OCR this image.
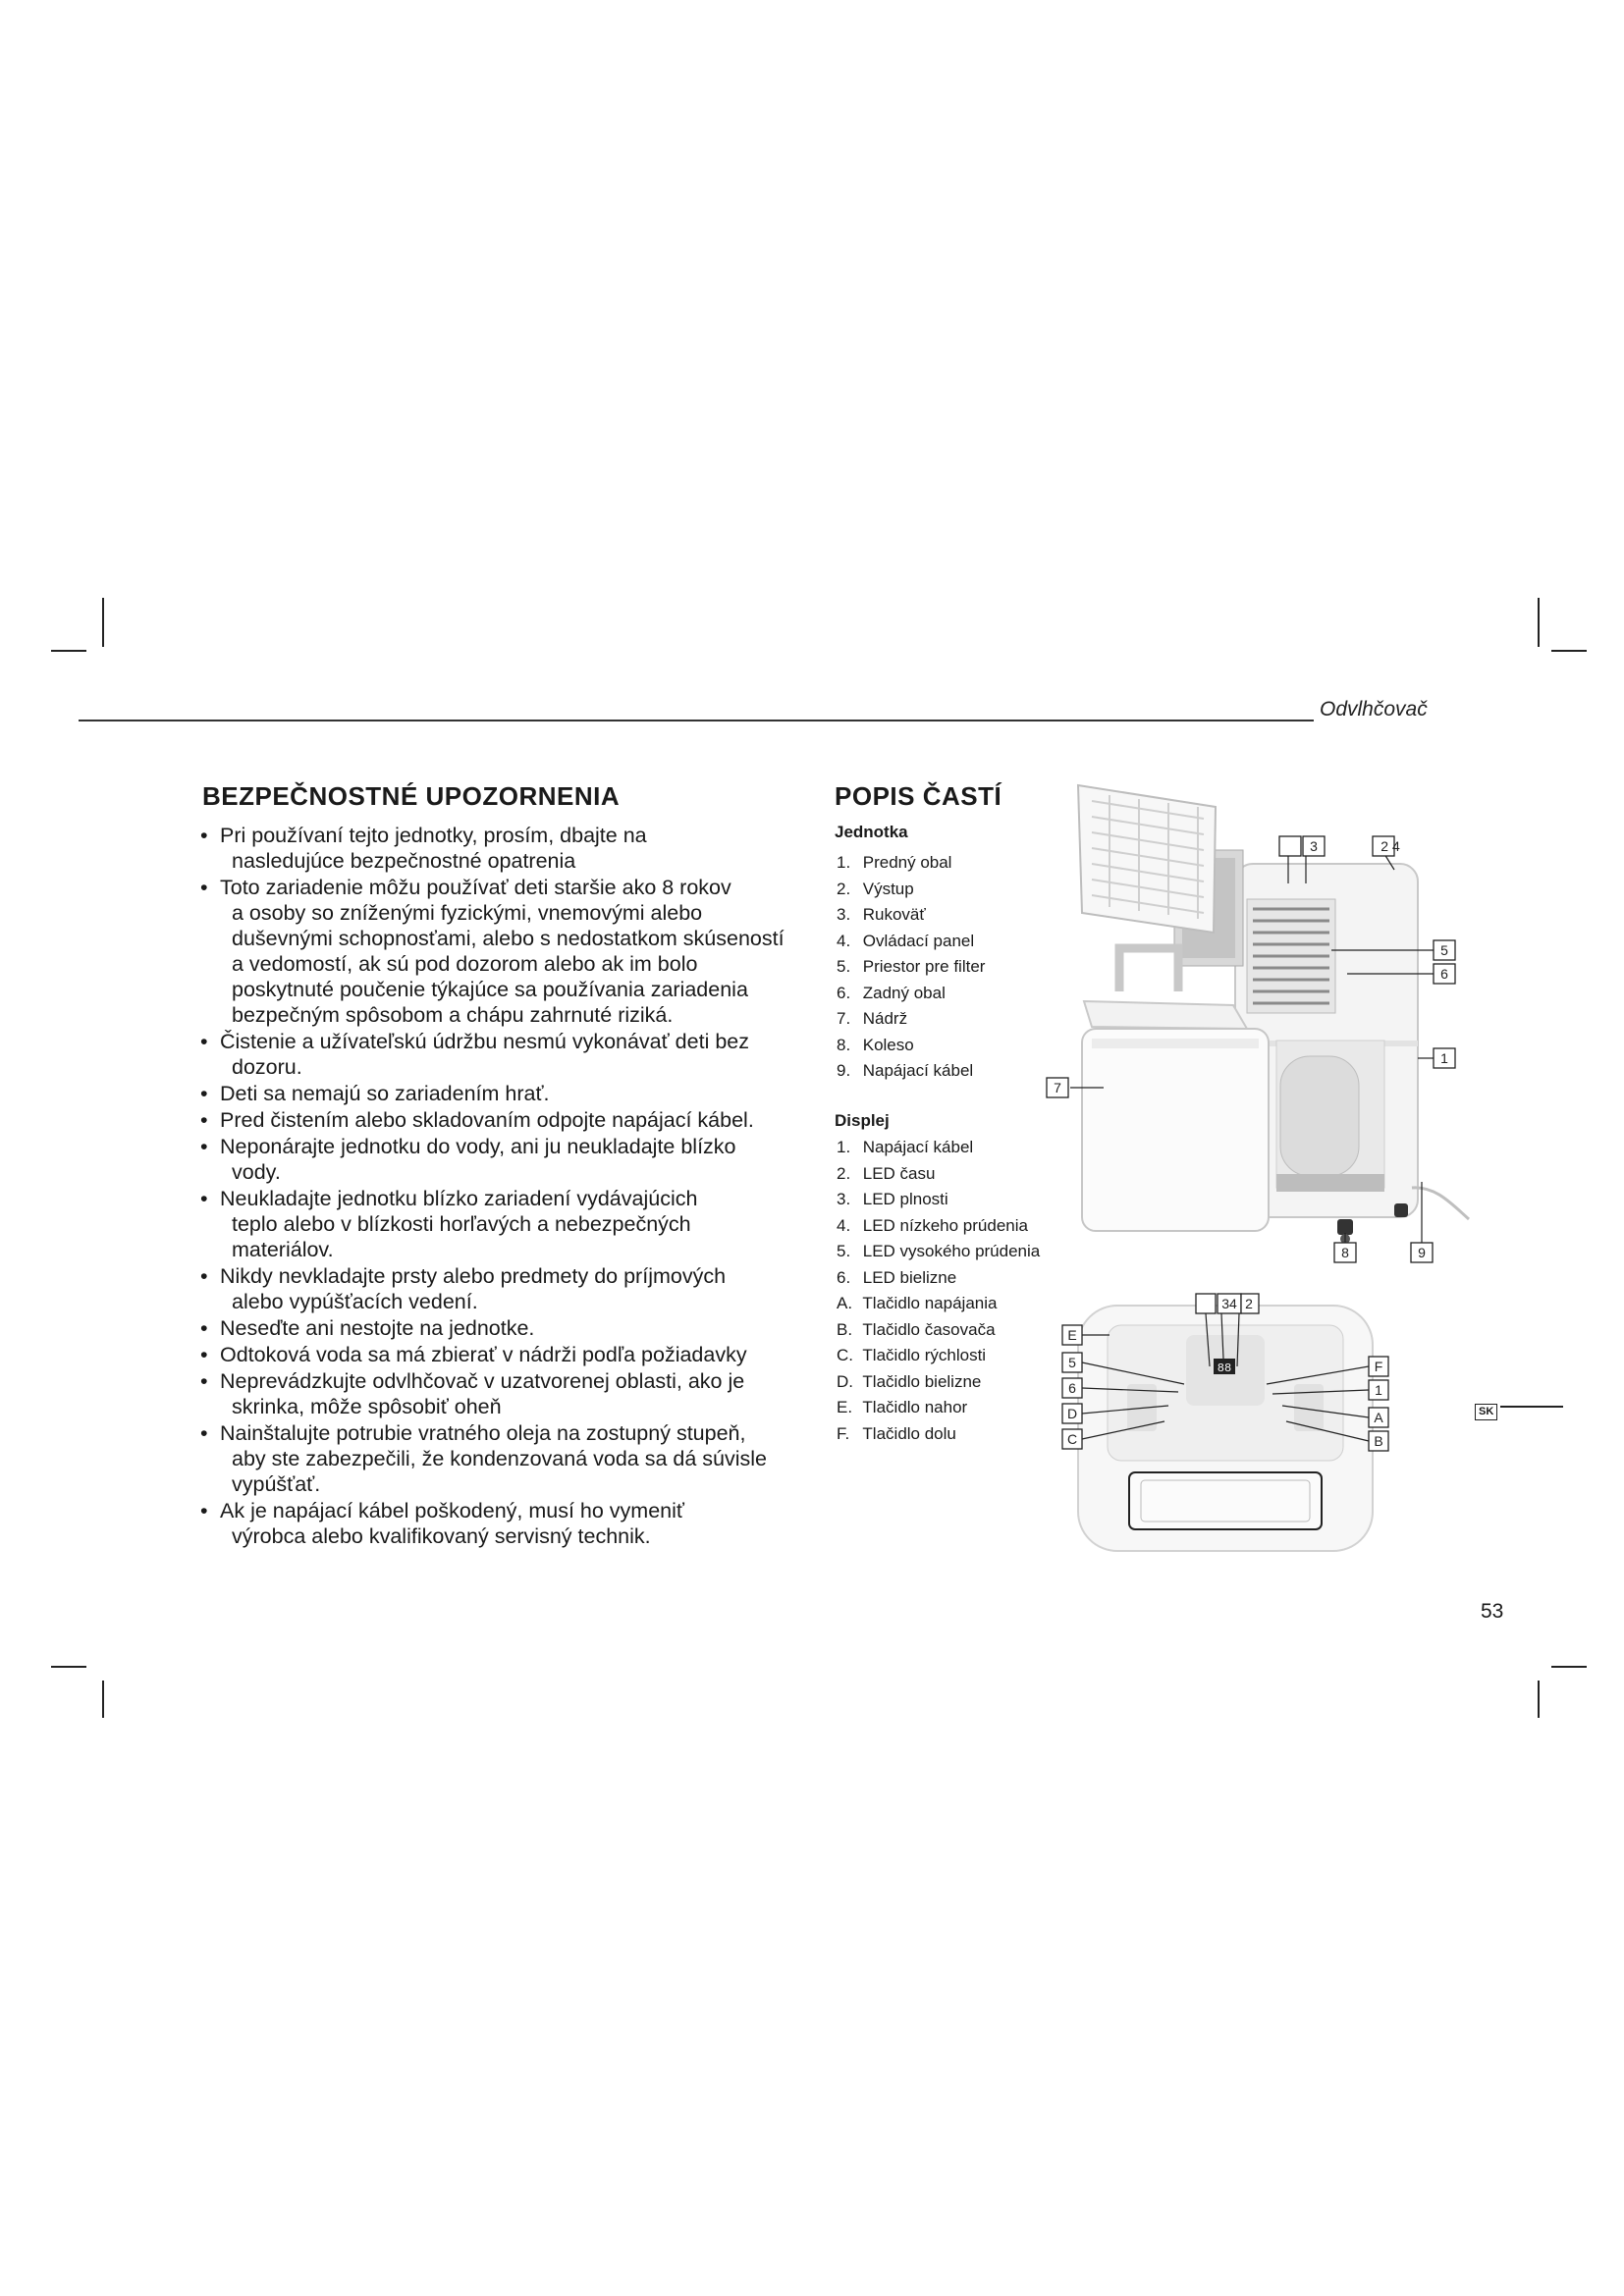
Odvlhčovač
BEZPEČNOSTNÉ UPOZORNENIA
• Pri používaní tejto jednotky, prosím, dbajte na
nasledujúce bezpečnostné opatrenia
• Toto zariadenie môžu používať deti staršie ako 8 rokov
a osoby so zníženými fyzickými, vnemovými alebo
duševnými schopnosťami, alebo s nedostatkom skúseností
a vedomostí, ak sú pod dozorom alebo ak im bolo
poskytnuté poučenie týkajúce sa používania zariadenia
bezpečným spôsobom a chápu zahrnuté riziká.
• Čistenie a užívateľskú údržbu nesmú vykonávať deti bez
dozoru.
• Deti sa nemajú so zariadením hrať.
• Pred čistením alebo skladovaním odpojte napájací kábel.
• Neponárajte jednotku do vody, ani ju neukladajte blízko
vody.
• Neukladajte jednotku blízko zariadení vydávajúcich
teplo alebo v blízkosti horľavých a nebezpečných
materiálov.
• Nikdy nevkladajte prsty alebo predmety do príjmových
alebo vypúšťacích vedení.
• Neseďte ani nestojte na jednotke.
• Odtoková voda sa má zbierať v nádrži podľa požiadavky
• Neprevádzkujte odvlhčovač v uzatvorenej oblasti, ako je
skrinka, môže spôsobiť oheň
• Nainštalujte potrubie vratného oleja na zostupný stupeň,
aby ste zabezpečili, že kondenzovaná voda sa dá súvisle
vypúšťať.
• Ak je napájací kábel poškodený, musí ho vymeniť
výrobca alebo kvalifikovaný servisný technik.
POPIS ČASTÍ
Jednotka
1. Predný obal
2. Výstup
3. Rukoväť
4. Ovládací panel
5. Priestor pre filter
6. Zadný obal
7. Nádrž
8. Koleso
9. Napájací kábel
Displej
1. Napájací kábel
2. LED času
3. LED plnosti
4. LED nízkeho prúdenia
5. LED vysokého prúdenia
6. LED bielizne
A. Tlačidlo napájania
B. Tlačidlo časovača
C. Tlačidlo rýchlosti
D. Tlačidlo bielizne
E. Tlačidlo nahor
F. Tlačidlo dolu
3	2 4
5
6
1
7
8	9
88
34 2
E
5
6
D
C
F
1
A
B
SK
53
